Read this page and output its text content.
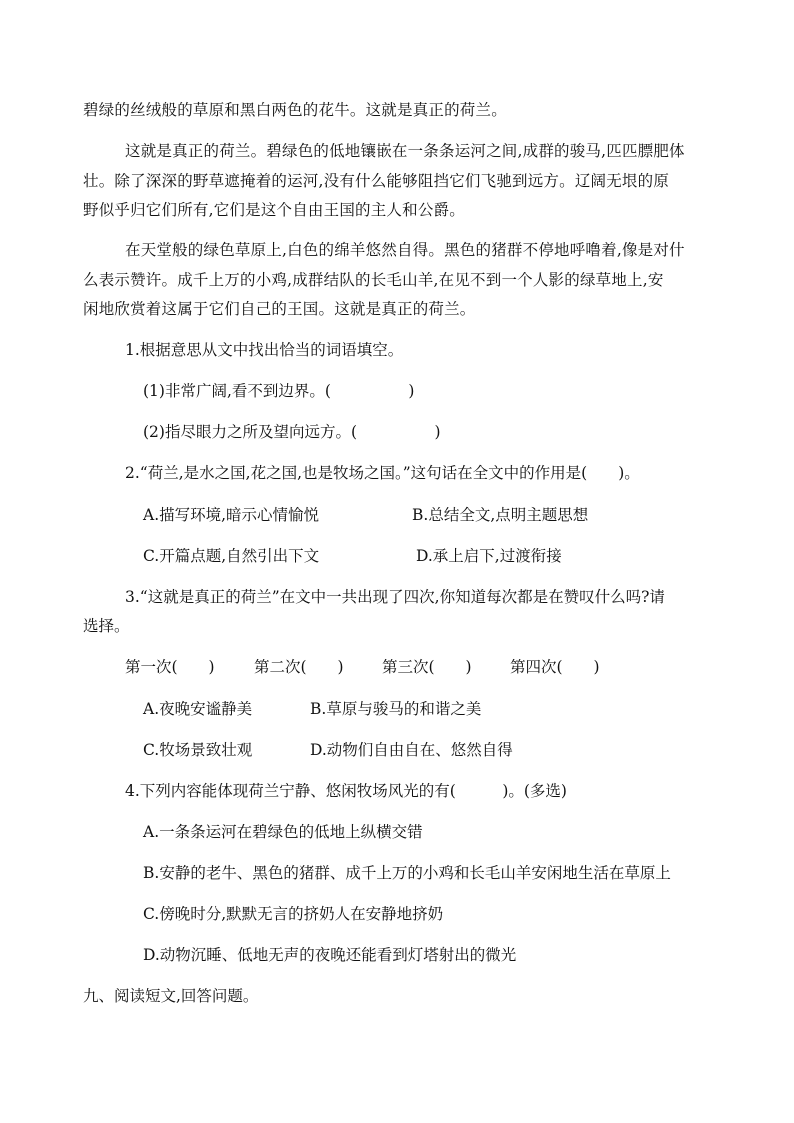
碧绿的丝绒般的草原和黑白两色的花牛。这就是真正的荷兰。
这就是真正的荷兰。碧绿色的低地镶嵌在一条条运河之间,成群的骏马,匹匹膘肥体
壮。除了深深的野草遮掩着的运河,没有什么能够阻挡它们飞驰到远方。辽阔无垠的原
野似乎归它们所有,它们是这个自由王国的主人和公爵。
在天堂般的绿色草原上,白色的绵羊悠然自得。黑色的猪群不停地呼噜着,像是对什
么表示赞许。成千上万的小鸡,成群结队的长毛山羊,在见不到一个人影的绿草地上,安
闲地欣赏着这属于它们自己的王国。这就是真正的荷兰。
1.根据意思从文中找出恰当的词语填空。
(1)非常广阔,看不到边界。(　　　　　)
(2)指尽眼力之所及望向远方。(　　　　　)
2.“荷兰,是水之国,花之国,也是牧场之国。”这句话在全文中的作用是(　　)。
A.描写环境,暗示心情愉悦	B.总结全文,点明主题思想
C.开篇点题,自然引出下文	D.承上启下,过渡衔接
3.“这就是真正的荷兰”在文中一共出现了四次,你知道每次都是在赞叹什么吗?请
选择。
第一次(　　)	第二次(　　) 第三次(　　) 第四次(　　)
A.夜晚安谧静美	B.草原与骏马的和谐之美
C.牧场景致壮观	D.动物们自由自在、悠然自得
4.下列内容能体现荷兰宁静、悠闲牧场风光的有(　　　)。(多选)
A.一条条运河在碧绿色的低地上纵横交错
B.安静的老牛、黑色的猪群、成千上万的小鸡和长毛山羊安闲地生活在草原上
C.傍晚时分,默默无言的挤奶人在安静地挤奶
D.动物沉睡、低地无声的夜晚还能看到灯塔射出的微光
九、阅读短文,回答问题。
